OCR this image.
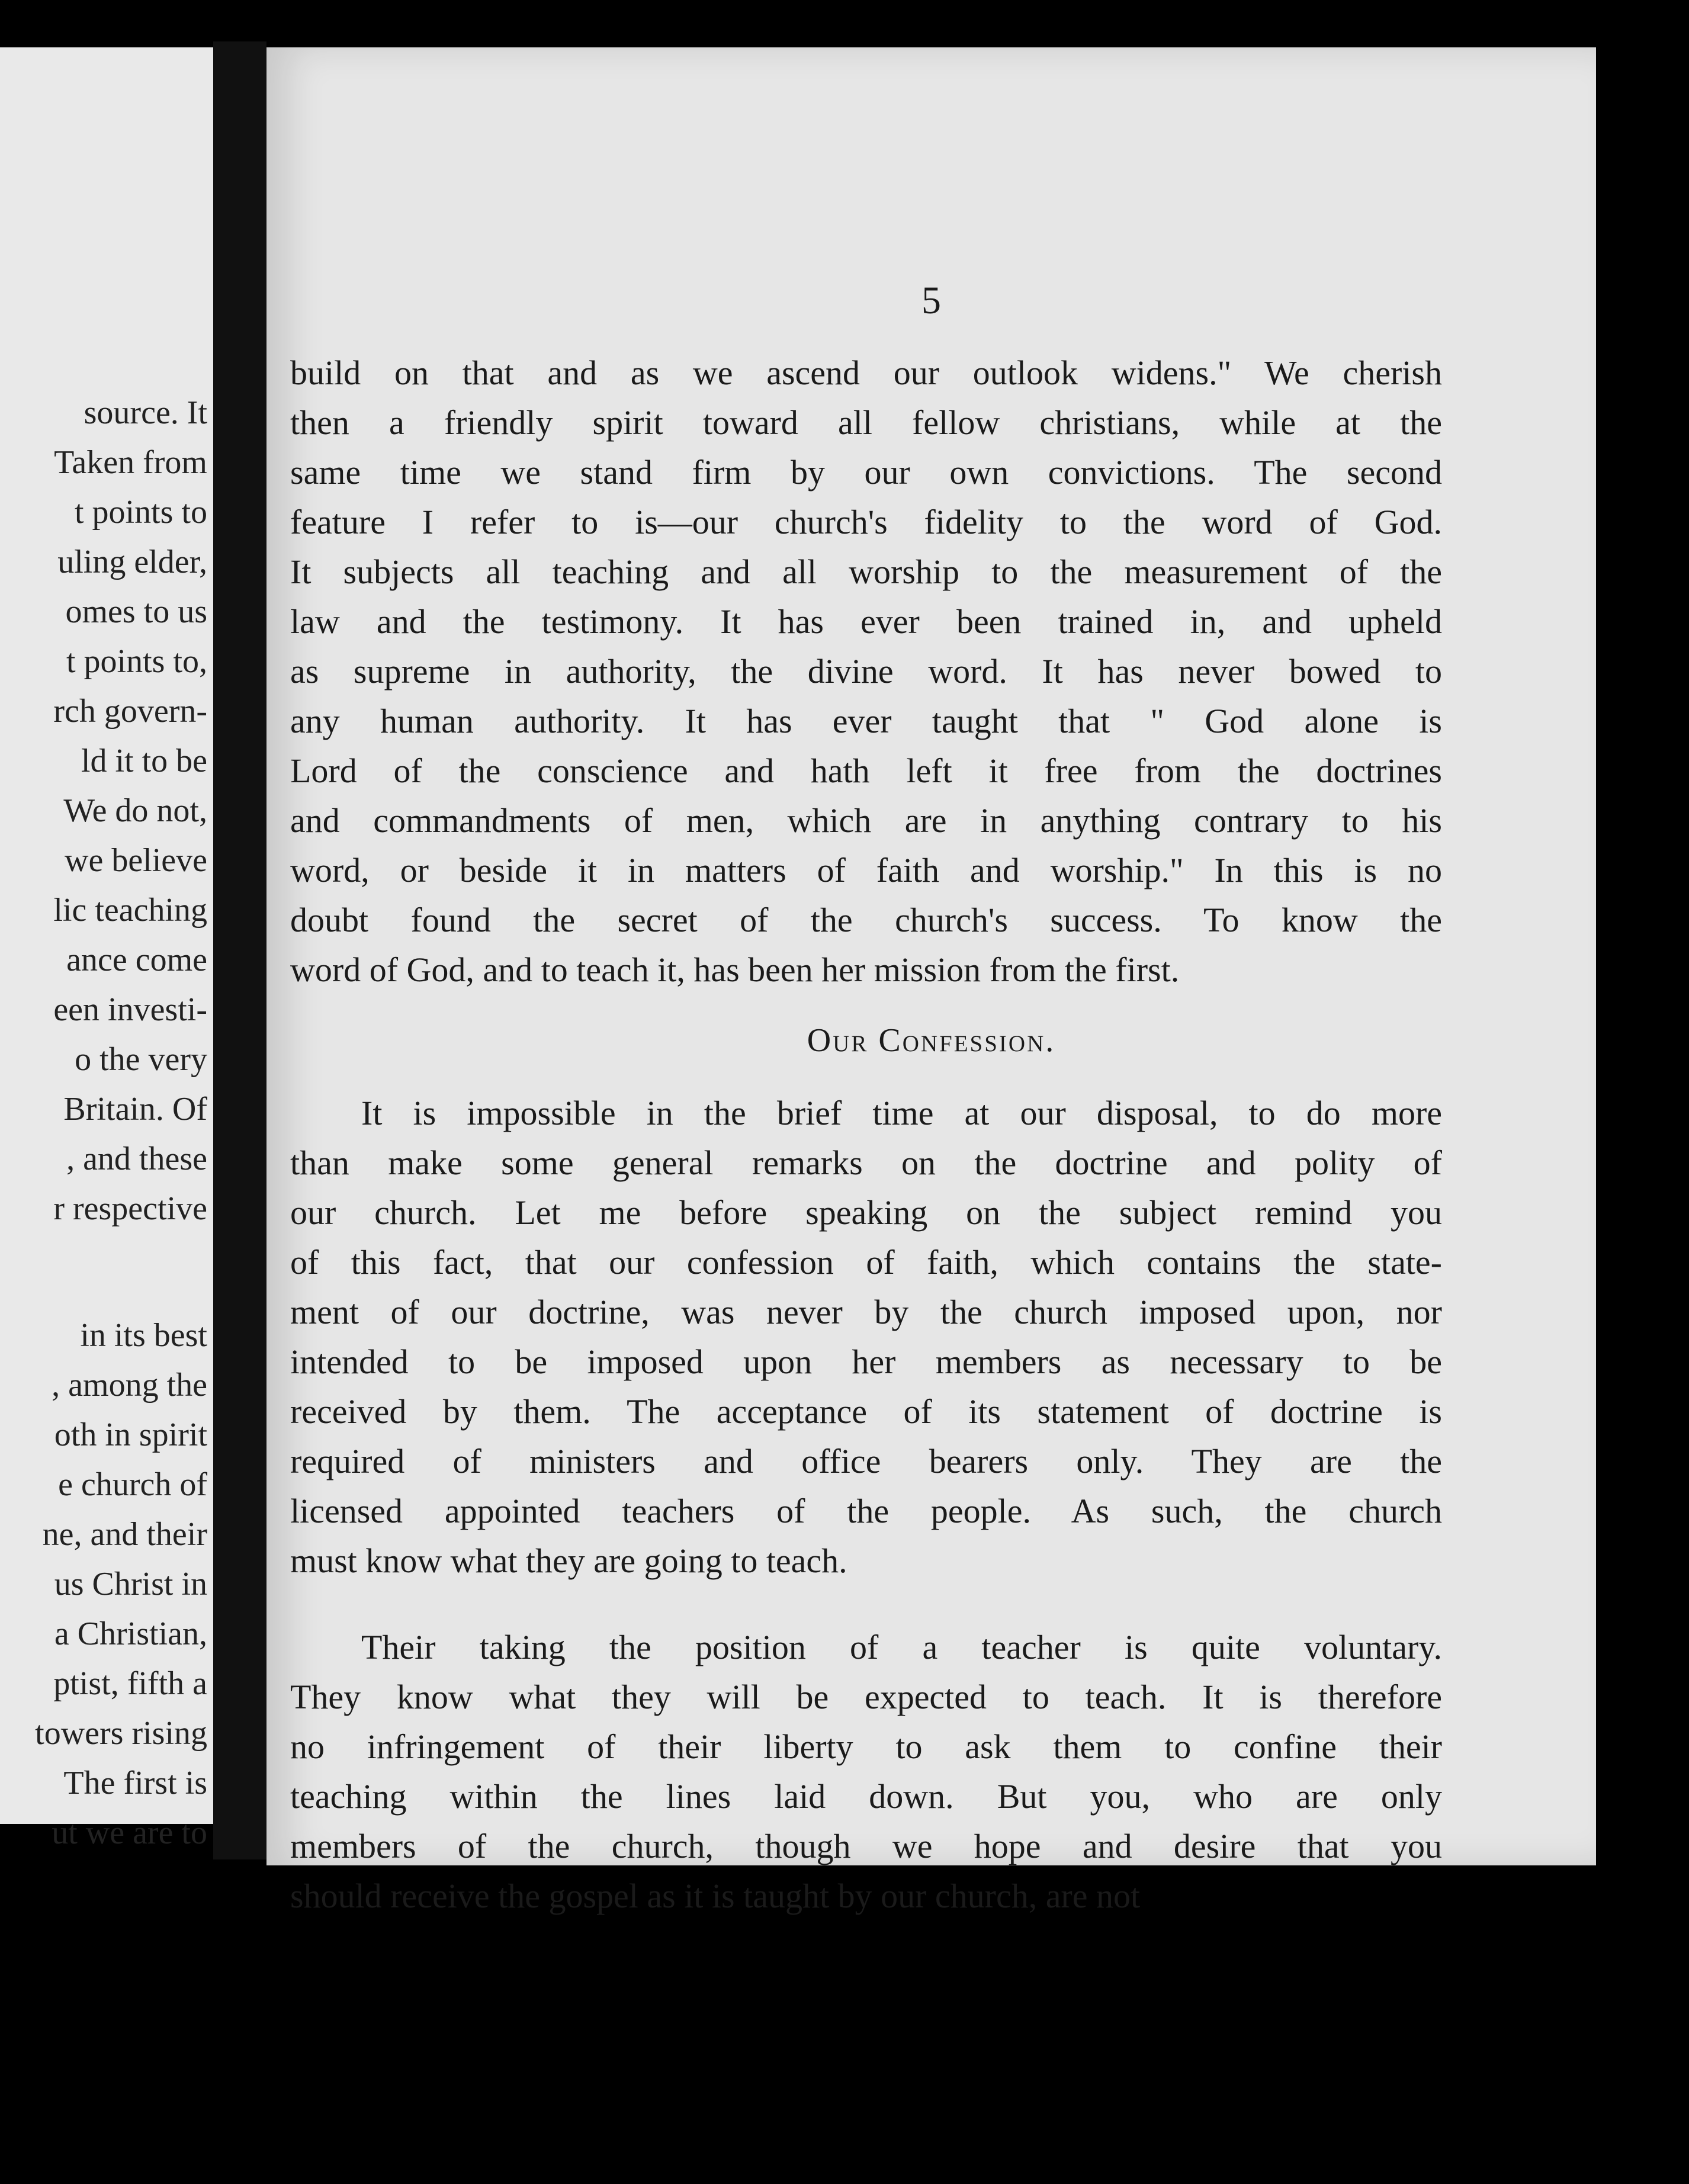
source. It
Taken from
t points to
uling elder,
omes to us
t points to,
rch govern-
ld it to be
We do not,
we believe
lic teaching
ance come
een investi-
o the very
Britain. Of
, and these
r respective
in its best
, among the
oth in spirit
e church of
ne, and their
us Christ in
a Christian,
ptist, fifth a
towers rising
The first is
ut we are to
5
build on that and as we ascend our outlook widens." We cherish
then a friendly spirit toward all fellow christians, while at the
same time we stand firm by our own convictions. The second
feature I refer to is—our church's fidelity to the word of God.
It subjects all teaching and all worship to the measurement of the
law and the testimony. It has ever been trained in, and upheld
as supreme in authority, the divine word. It has never bowed to
any human authority. It has ever taught that " God alone is
Lord of the conscience and hath left it free from the doctrines
and commandments of men, which are in anything contrary to his
word, or beside it in matters of faith and worship." In this is no
doubt found the secret of the church's success. To know the
word of God, and to teach it, has been her mission from the first.
Our Confession.
It is impossible in the brief time at our disposal, to do more
than make some general remarks on the doctrine and polity of
our church. Let me before speaking on the subject remind you
of this fact, that our confession of faith, which contains the state-
ment of our doctrine, was never by the church imposed upon, nor
intended to be imposed upon her members as necessary to be
received by them. The acceptance of its statement of doctrine is
required of ministers and office bearers only. They are the
licensed appointed teachers of the people. As such, the church
must know what they are going to teach.
Their taking the position of a teacher is quite voluntary.
They know what they will be expected to teach. It is therefore
no infringement of their liberty to ask them to confine their
teaching within the lines laid down. But you, who are only
members of the church, though we hope and desire that you
should receive the gospel as it is taught by our church, are not
